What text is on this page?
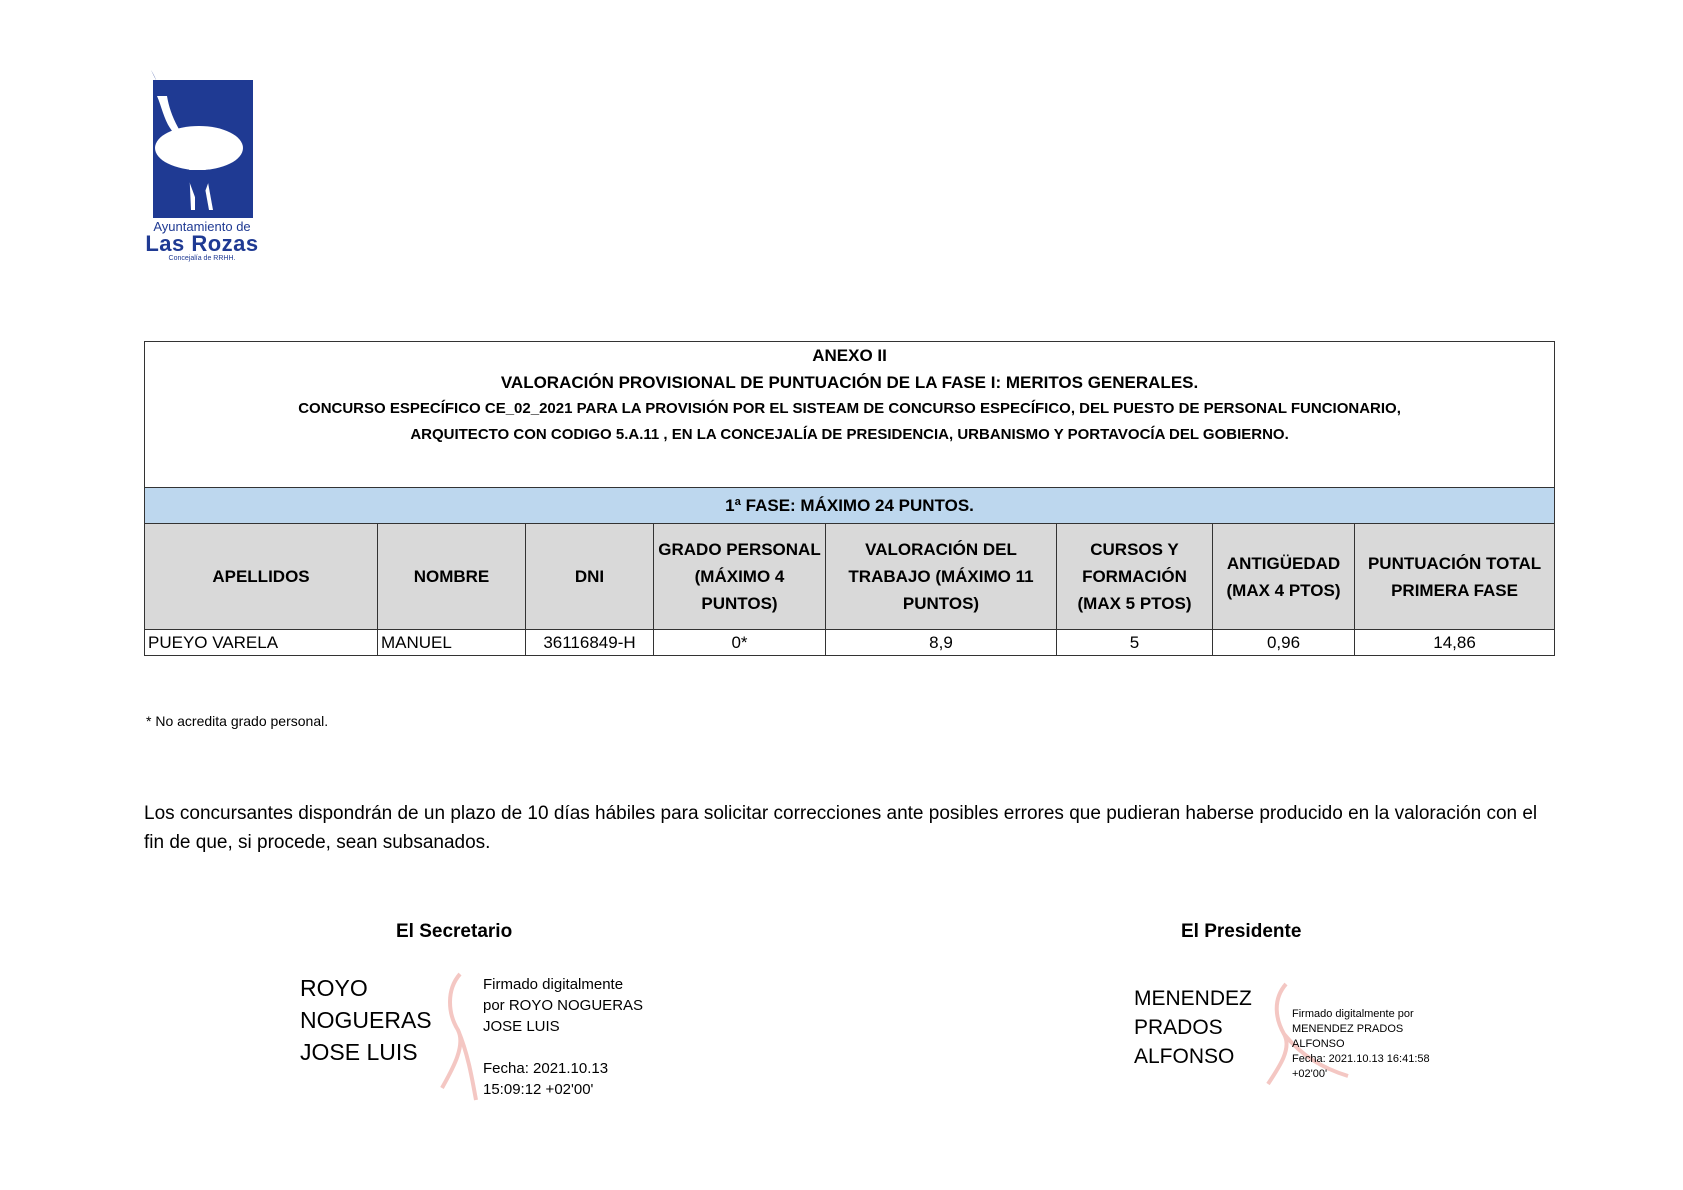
Ayuntamiento de
Las Rozas
Concejalía de RRHH.
ANEXO II
VALORACIÓN PROVISIONAL DE PUNTUACIÓN DE LA FASE I: MERITOS GENERALES.
CONCURSO ESPECÍFICO CE_02_2021 PARA LA PROVISIÓN POR EL SISTEAM DE CONCURSO ESPECÍFICO, DEL PUESTO DE PERSONAL FUNCIONARIO,
ARQUITECTO CON CODIGO 5.A.11 , EN LA CONCEJALÍA DE PRESIDENCIA, URBANISMO Y PORTAVOCÍA DEL GOBIERNO.							

1ª FASE: MÁXIMO 24 PUNTOS.							
APELLIDOS	NOMBRE	DNI	GRADO PERSONAL (MÁXIMO 4 PUNTOS)	VALORACIÓN DEL TRABAJO (MÁXIMO 11 PUNTOS)	CURSOS Y FORMACIÓN (MAX 5 PTOS)	ANTIGÜEDAD (MAX 4 PTOS)	PUNTUACIÓN TOTAL PRIMERA FASE
PUEYO VARELA	MANUEL	36116849-H	0*	8,9	5	0,96	14,86
* No acredita grado personal.
Los concursantes dispondrán de un plazo de 10 días hábiles para solicitar correcciones ante posibles errores que pudieran haberse producido en la valoración con el fin de que, si procede, sean subsanados.
El Secretario
ROYO
NOGUERAS
JOSE LUIS
Firmado digitalmente
por ROYO NOGUERAS
JOSE LUIS
Fecha: 2021.10.13
15:09:12 +02'00'
El Presidente
MENENDEZ
PRADOS
ALFONSO
Firmado digitalmente por
MENENDEZ PRADOS
ALFONSO
Fecha: 2021.10.13 16:41:58
+02'00'
